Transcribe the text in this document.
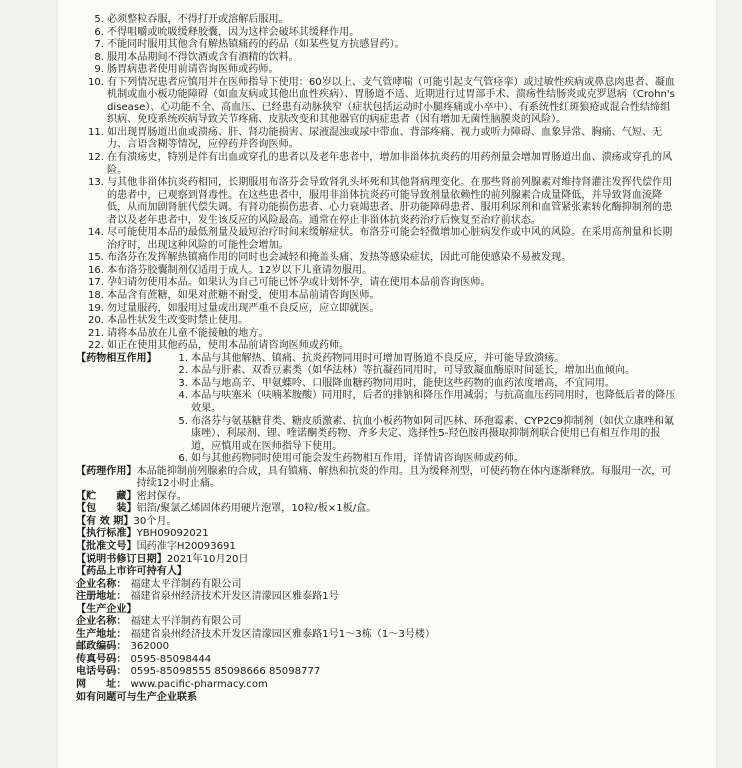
5. 必须整粒吞服，不得打开或溶解后服用。
6. 不得咀嚼或吮吸缓释胶囊，因为这样会破坏其缓释作用。
7. 不能同时服用其他含有解热镇痛药的药品（如某些复方抗感冒药）。
8. 服用本品期间不得饮酒或含有酒精的饮料。
9. 肠胃病患者使用前请咨询医师或药师。
10. 有下列情况患者应慎用并在医师指导下使用：60岁以上、支气管哮喘（可能引起支气管痉挛）或过敏性疾病或鼻息肉患者、凝血机制或血小板功能障碍（如血友病或其他出血性疾病）、胃肠道不适、近期进行过胃部手术、溃疡性结肠炎或克罗恩病（Crohn's disease）、心功能不全、高血压、已经患有动脉狭窄（症状包括运动时小腿疼痛或小卒中）、有系统性红斑狼疮或混合性结缔组织病、免疫系统疾病导致关节疼痛、皮肤改变和其他器官的病症患者（因有增加无菌性脑膜炎的风险）。
11. 如出现胃肠道出血或溃疡、肝、肾功能损害、尿液混浊或尿中带血、背部疼痛、视力或听力障碍、血象异常、胸痛、气短、无力、言语含糊等情况，应停药并咨询医师。
12. 在有溃疡史，特别是伴有出血或穿孔的患者以及老年患者中，增加非甾体抗炎药的用药剂量会增加胃肠道出血、溃疡或穿孔的风险。
13. 与其他非甾体抗炎药相同，长期服用布洛芬会导致肾乳头坏死和其他肾病理变化。在那些肾前列腺素对维持肾灌注发挥代偿作用的患者中，已观察到肾毒性。在这些患者中，服用非甾体抗炎药可能导致剂量依赖性的前列腺素合成量降低，并导致肾血流降低，从而加剧肾脏代偿失调。有肾功能损伤患者、心力衰竭患者、肝功能障碍患者、服用利尿剂和血管紧张素转化酶抑制剂的患者以及老年患者中，发生该反应的风险最高。通常在停止非甾体抗炎药治疗后恢复至治疗前状态。
14. 尽可能使用本品的最低剂量及最短治疗时间来缓解症状。布洛芬可能会轻微增加心脏病发作或中风的风险。在采用高剂量和长期治疗时，出现这种风险的可能性会增加。
15. 布洛芬在发挥解热镇痛作用的同时也会减轻和掩盖头痛、发热等感染症状，因此可能使感染不易被发现。
16. 本布洛芬胶囊制剂仅适用于成人。12岁以下儿童请勿服用。
17. 孕妇请勿使用本品。如果认为自己可能已怀孕或计划怀孕，请在使用本品前咨询医师。
18. 本品含有蔗糖，如果对蔗糖不耐受，使用本品前请咨询医师。
19. 勿过量服药，如服用过量或出现严重不良反应，应立即就医。
20. 本品性状发生改变时禁止使用。
21. 请将本品放在儿童不能接触的地方。
22. 如正在使用其他药品，使用本品前请咨询医师或药师。
【药物相互作用】	1. 本品与其他解热、镇痛、抗炎药物同用时可增加胃肠道不良反应，并可能导致溃疡。
2. 本品与肝素、双香豆素类（如华法林）等抗凝药同用时，可导致凝血酶原时间延长，增加出血倾向。
3. 本品与地高辛、甲氨蝶呤、口服降血糖药物同用时，能使这些药物的血药浓度增高，不宜同用。
4. 本品与呋塞米（呋喃苯胺酸）同用时，后者的排钠和降压作用减弱；与抗高血压药同用时，也降低后者的降压效果。
5. 布洛芬与氨基糖苷类、糖皮质激素、抗血小板药物如阿司匹林、环孢霉素、CYP2C9抑制剂（如伏立康唑和氟康唑）、利尿剂、锂、喹诺酮类药物、齐多夫定、选择性5-羟色胺再摄取抑制剂联合使用已有相互作用的报道，应慎用或在医师指导下使用。
6. 如与其他药物同时使用可能会发生药物相互作用，详情请咨询医师或药师。
【药理作用】 本品能抑制前列腺素的合成，具有镇痛、解热和抗炎的作用。且为缓释剂型，可使药物在体内逐渐释放。每服用一次，可持续12小时止痛。
【贮　　藏】 密封保存。
【包　　装】 铝箔/聚氯乙烯固体药用硬片泡罩，10粒/板×1板/盒。
【有 效 期】 30个月。
【执行标准】 YBH09092021
【批准文号】 国药准字H20093691
【说明书修订日期】 2021年10月20日
【药品上市许可持有人】
企业名称： 福建太平洋制药有限公司
注册地址： 福建省泉州经济技术开发区清濛园区雅泰路1号
【生产企业】
企业名称： 福建太平洋制药有限公司
生产地址： 福建省泉州经济技术开发区清濛园区雅泰路1号1～3栋（1～3号楼）
邮政编码： 362000
传真号码： 0595-85098444
电话号码： 0595-85098555 85098666 85098777
网　　址： www.pacific-pharmacy.com
如有问题可与生产企业联系
